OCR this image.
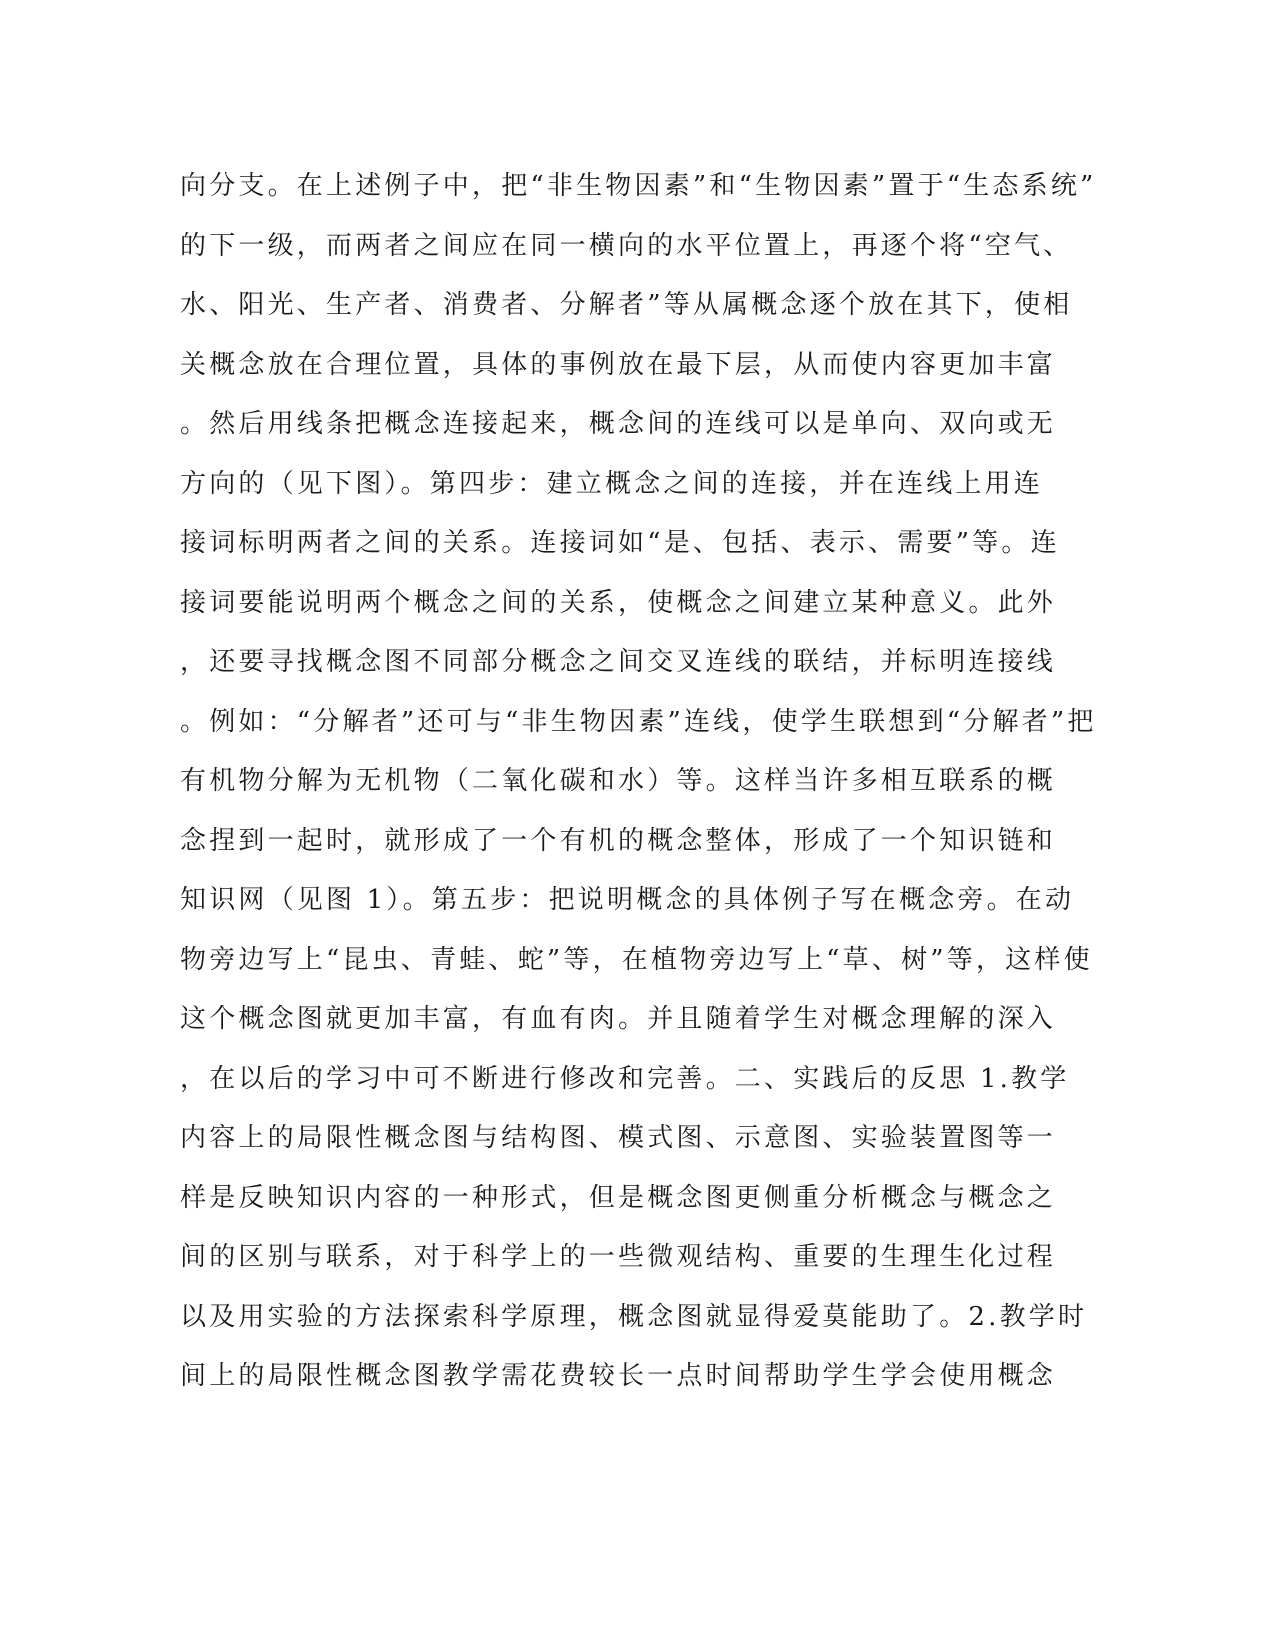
向分支。在上述例子中，把“非生物因素”和“生物因素”置于“生态系统”
的下一级，而两者之间应在同一横向的水平位置上，再逐个将“空气、
水、阳光、生产者、消费者、分解者”等从属概念逐个放在其下，使相
关概念放在合理位置，具体的事例放在最下层，从而使内容更加丰富
。然后用线条把概念连接起来，概念间的连线可以是单向、双向或无
方向的（见下图）。第四步：建立概念之间的连接，并在连线上用连
接词标明两者之间的关系。连接词如“是、包括、表示、需要”等。连
接词要能说明两个概念之间的关系，使概念之间建立某种意义。此外
，还要寻找概念图不同部分概念之间交叉连线的联结，并标明连接线
。例如：“分解者”还可与“非生物因素”连线，使学生联想到“分解者”把
有机物分解为无机物（二氧化碳和水）等。这样当许多相互联系的概
念捏到一起时，就形成了一个有机的概念整体，形成了一个知识链和
知识网（见图 1）。第五步：把说明概念的具体例子写在概念旁。在动
物旁边写上“昆虫、青蛙、蛇”等，在植物旁边写上“草、树”等，这样使
这个概念图就更加丰富，有血有肉。并且随着学生对概念理解的深入
，在以后的学习中可不断进行修改和完善。二、实践后的反思 1.教学
内容上的局限性概念图与结构图、模式图、示意图、实验装置图等一
样是反映知识内容的一种形式，但是概念图更侧重分析概念与概念之
间的区别与联系，对于科学上的一些微观结构、重要的生理生化过程
以及用实验的方法探索科学原理，概念图就显得爱莫能助了。2.教学时
间上的局限性概念图教学需花费较长一点时间帮助学生学会使用概念
